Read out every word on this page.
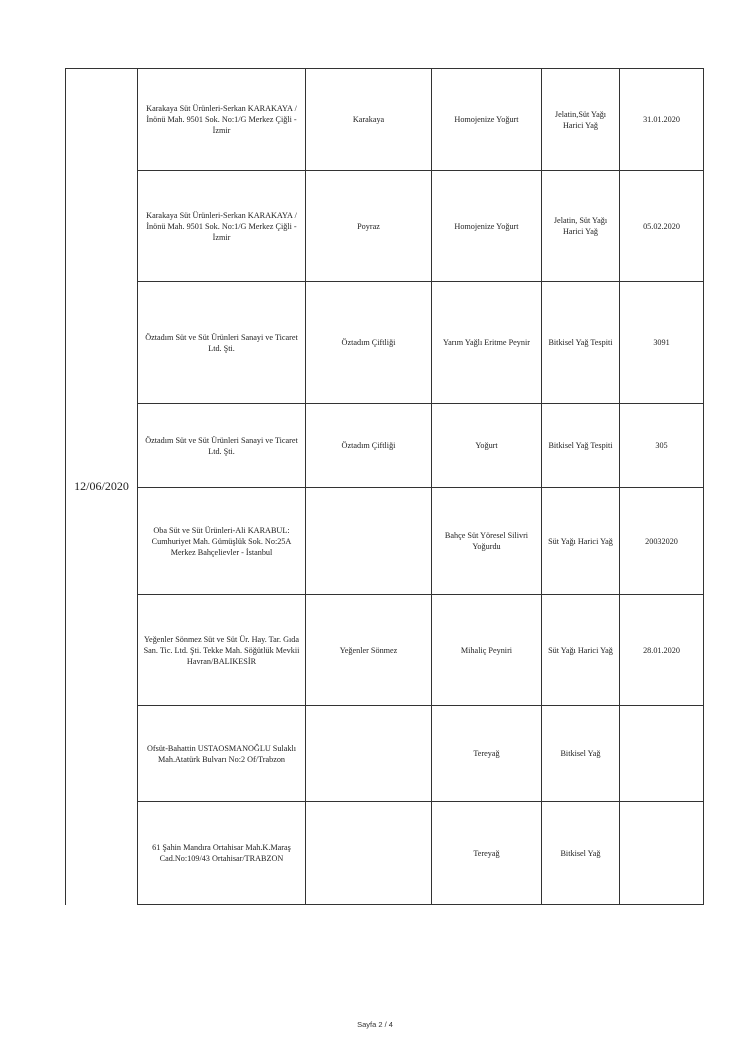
12/06/2020	Karakaya Süt Ürünleri-Serkan KARAKAYA / İnönü Mah. 9501 Sok. No:1/G Merkez Çiğli - İzmir	Karakaya	Homojenize Yoğurt	Jelatin,Süt Yağı Harici Yağ	31.01.2020
	Karakaya Süt Ürünleri-Serkan KARAKAYA / İnönü Mah. 9501 Sok. No:1/G Merkez Çiğli - İzmir	Poyraz	Homojenize Yoğurt	Jelatin, Süt Yağı Harici Yağ	05.02.2020
	Öztadım Süt ve Süt Ürünleri Sanayi ve Ticaret Ltd. Şti.	Öztadım Çiftliği	Yarım Yağlı Eritme Peynir	Bitkisel Yağ Tespiti	3091
	Öztadım Süt ve Süt Ürünleri Sanayi ve Ticaret Ltd. Şti.	Öztadım Çiftliği	Yoğurt	Bitkisel Yağ Tespiti	305
	Oba Süt ve Süt Ürünleri-Ali KARABUL: Cumhuriyet Mah. Gümüşlük Sok. No:25A Merkez Bahçelievler - İstanbul		Bahçe Süt Yöresel Silivri Yoğurdu	Süt Yağı Harici Yağ	20032020
	Yeğenler Sönmez Süt ve Süt Ür. Hay. Tar. Gıda San. Tic. Ltd. Şti. Tekke Mah. Söğütlük Mevkii Havran/BALIKESİR	Yeğenler Sönmez	Mihaliç Peyniri	Süt Yağı Harici Yağ	28.01.2020
	Ofsüt-Bahattin USTAOSMANOĞLU Sulaklı Mah.Atatürk Bulvarı No:2 Of/Trabzon		Tereyağ	Bitkisel Yağ	
	61 Şahin Mandıra Ortahisar Mah.K.Maraş Cad.No:109/43 Ortahisar/TRABZON		Tereyağ	Bitkisel Yağ	
Sayfa 2 / 4
